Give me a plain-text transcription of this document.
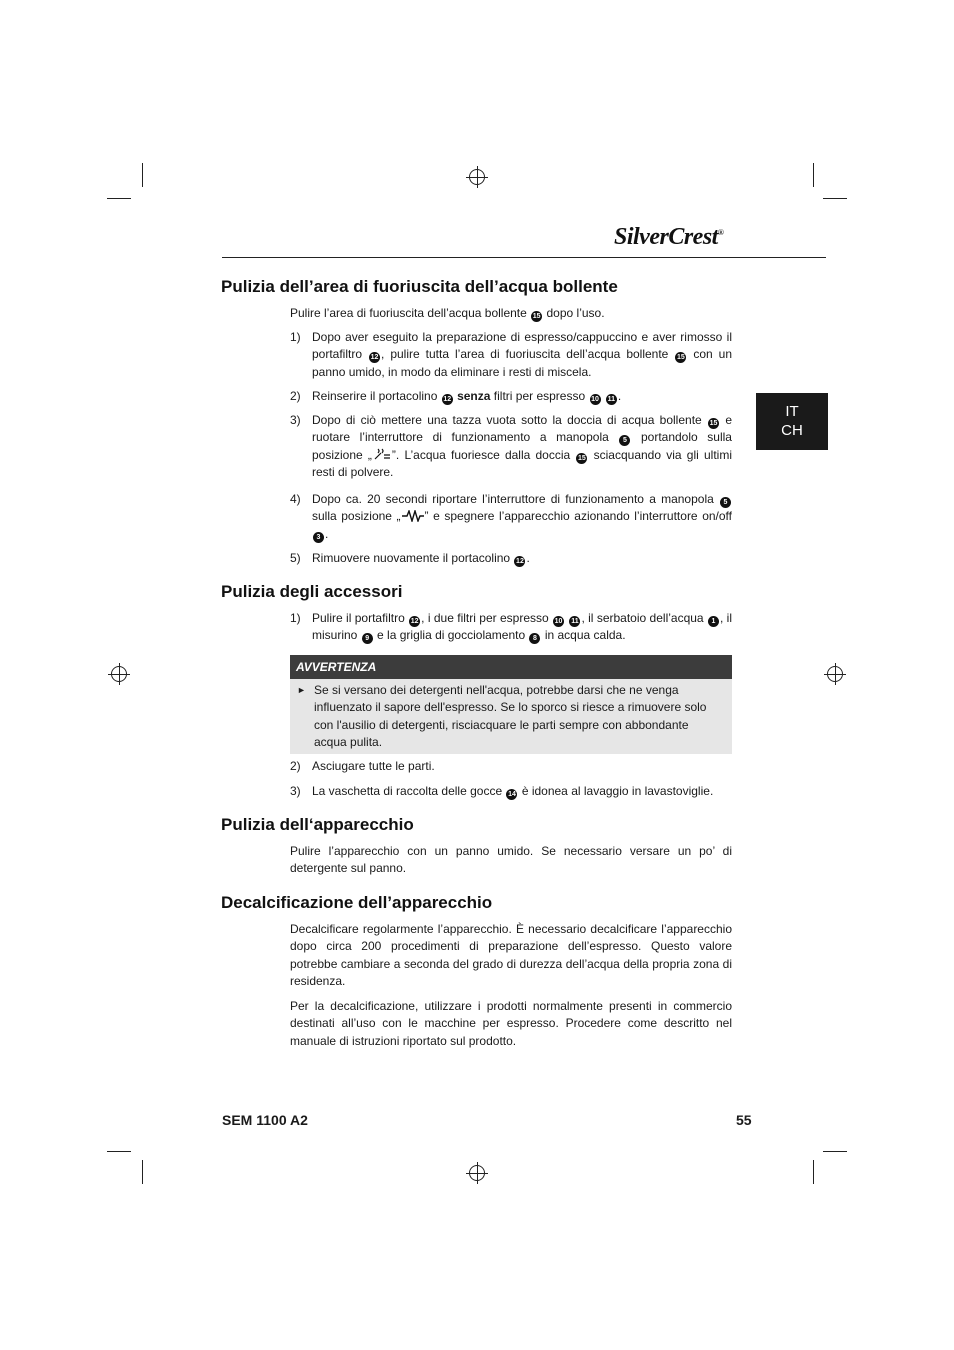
SilverCrest®
IT
CH
Pulizia dell’area di fuoriuscita dell’acqua bollente
Pulire l’area di fuoriuscita dell’acqua bollente 15 dopo l’uso.
1) Dopo aver eseguito la preparazione di espresso/cappuccino e aver rimosso il portafiltro 12 , pulire tutta l’area di fuoriuscita dell’acqua bollente 15 con un panno umido, in modo da eliminare i resti di miscela.
2) Reinserire il portacolino 12 senza filtri per espresso 10 11 .
3) Dopo di ciò mettere una tazza vuota sotto la doccia di acqua bollente 15 e ruotare l’interruttore di funzionamento a manopola 5 portandolo sulla posizione „ ”. L’acqua fuoriesce dalla doccia 15 sciacquando via gli ultimi resti di polvere.
4) Dopo ca. 20 secondi riportare l’interruttore di funzionamento a manopola 5 sulla posizione „ ” e spegnere l’apparecchio azionando l’interruttore on/off 3 .
5) Rimuovere nuovamente il portacolino 12 .
Pulizia degli accessori
1) Pulire il portafiltro 12 , i due filtri per espresso 10 11 , il serbatoio dell’acqua 1 , il misurino 9 e la griglia di gocciolamento 8 in acqua calda.
AVVERTENZA
► Se si versano dei detergenti nell'acqua, potrebbe darsi che ne venga influenzato il sapore dell'espresso. Se lo sporco si riesce a rimuovere solo con l'ausilio di detergenti, risciacquare le parti sempre con abbondante acqua pulita.
2) Asciugare tutte le parti.
3) La vaschetta di raccolta delle gocce 14 è idonea al lavaggio in lavastoviglie.
Pulizia dell‘apparecchio
Pulire l’apparecchio con un panno umido. Se necessario versare un po’ di detergente sul panno.
Decalcificazione dell’apparecchio
Decalcificare regolarmente l’apparecchio. È necessario decalcificare l’apparecchio dopo circa 200 procedimenti di preparazione dell’espresso. Questo valore potrebbe cambiare a seconda del grado di durezza dell’acqua della propria zona di residenza.
Per la decalcificazione, utilizzare i prodotti normalmente presenti in commercio destinati all’uso con le macchine per espresso. Procedere come descritto nel manuale di istruzioni riportato sul prodotto.
SEM 1100 A2	55
